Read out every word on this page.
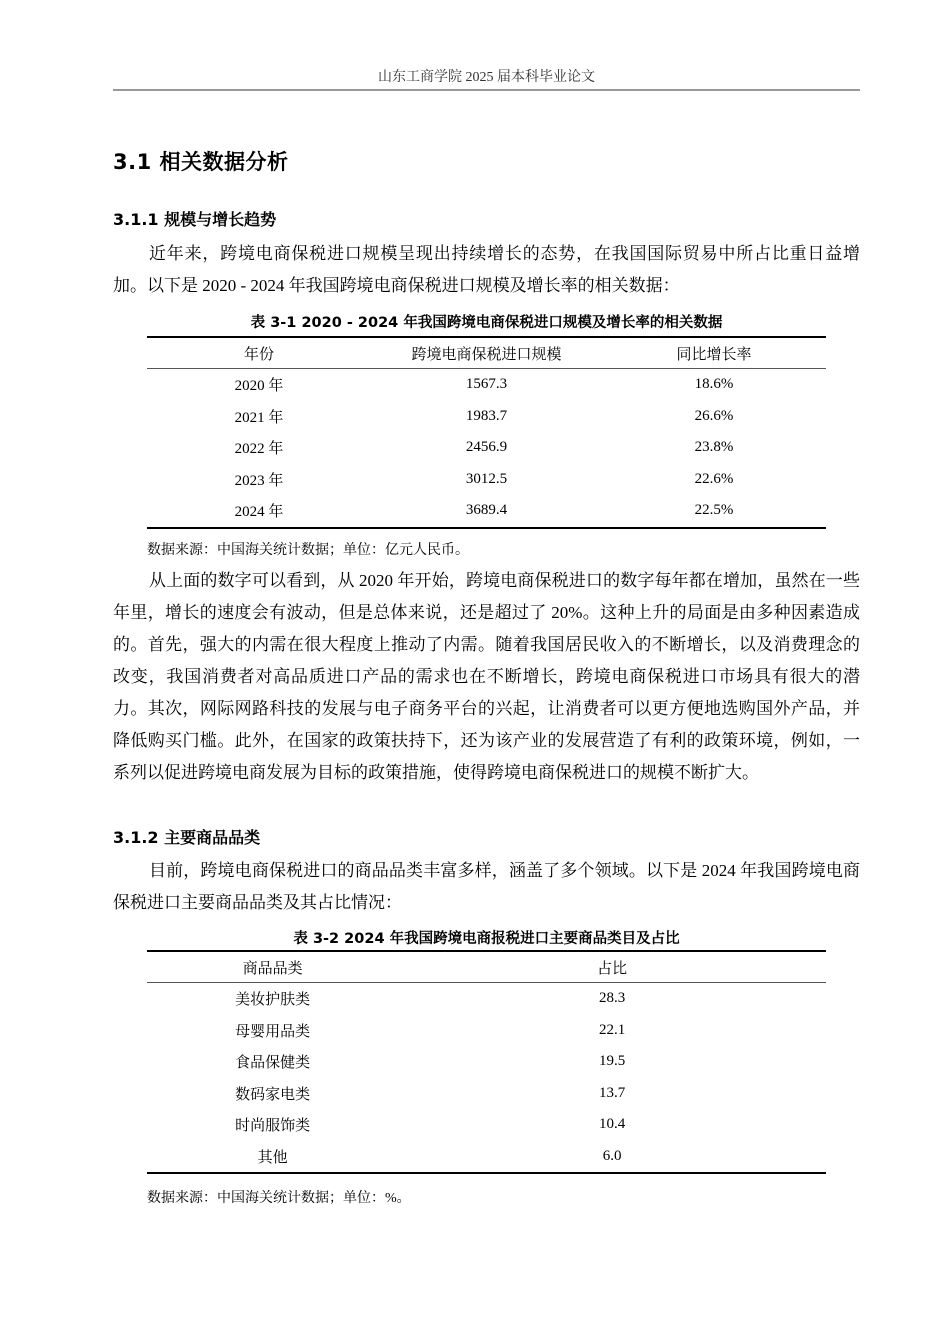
山东工商学院 2025 届本科毕业论文
3.1 相关数据分析
3.1.1 规模与增长趋势
近年来，跨境电商保税进口规模呈现出持续增长的态势，在我国国际贸易中所占比重日益增加。以下是 2020 - 2024 年我国跨境电商保税进口规模及增长率的相关数据：
表 3-1 2020 - 2024 年我国跨境电商保税进口规模及增长率的相关数据
年份	跨境电商保税进口规模	同比增长率
2020 年	1567.3	18.6%
2021 年	1983.7	26.6%
2022 年	2456.9	23.8%
2023 年	3012.5	22.6%
2024 年	3689.4	22.5%
数据来源：中国海关统计数据；单位：亿元人民币。
从上面的数字可以看到，从 2020 年开始，跨境电商保税进口的数字每年都在增加，虽然在一些年里，增长的速度会有波动，但是总体来说，还是超过了 20%。这种上升的局面是由多种因素造成的。首先，强大的内需在很大程度上推动了内需。随着我国居民收入的不断增长，以及消费理念的改变，我国消费者对高品质进口产品的需求也在不断增长，跨境电商保税进口市场具有很大的潜力。其次，网际网路科技的发展与电子商务平台的兴起，让消费者可以更方便地选购国外产品，并降低购买门槛。此外，在国家的政策扶持下，还为该产业的发展营造了有利的政策环境，例如，一系列以促进跨境电商发展为目标的政策措施，使得跨境电商保税进口的规模不断扩大。
3.1.2 主要商品品类
目前，跨境电商保税进口的商品品类丰富多样，涵盖了多个领域。以下是 2024 年我国跨境电商保税进口主要商品品类及其占比情况：
表 3-2 2024 年我国跨境电商报税进口主要商品类目及占比
商品品类	占比
美妆护肤类	28.3
母婴用品类	22.1
食品保健类	19.5
数码家电类	13.7
时尚服饰类	10.4
其他	6.0
数据来源：中国海关统计数据；单位：%。
